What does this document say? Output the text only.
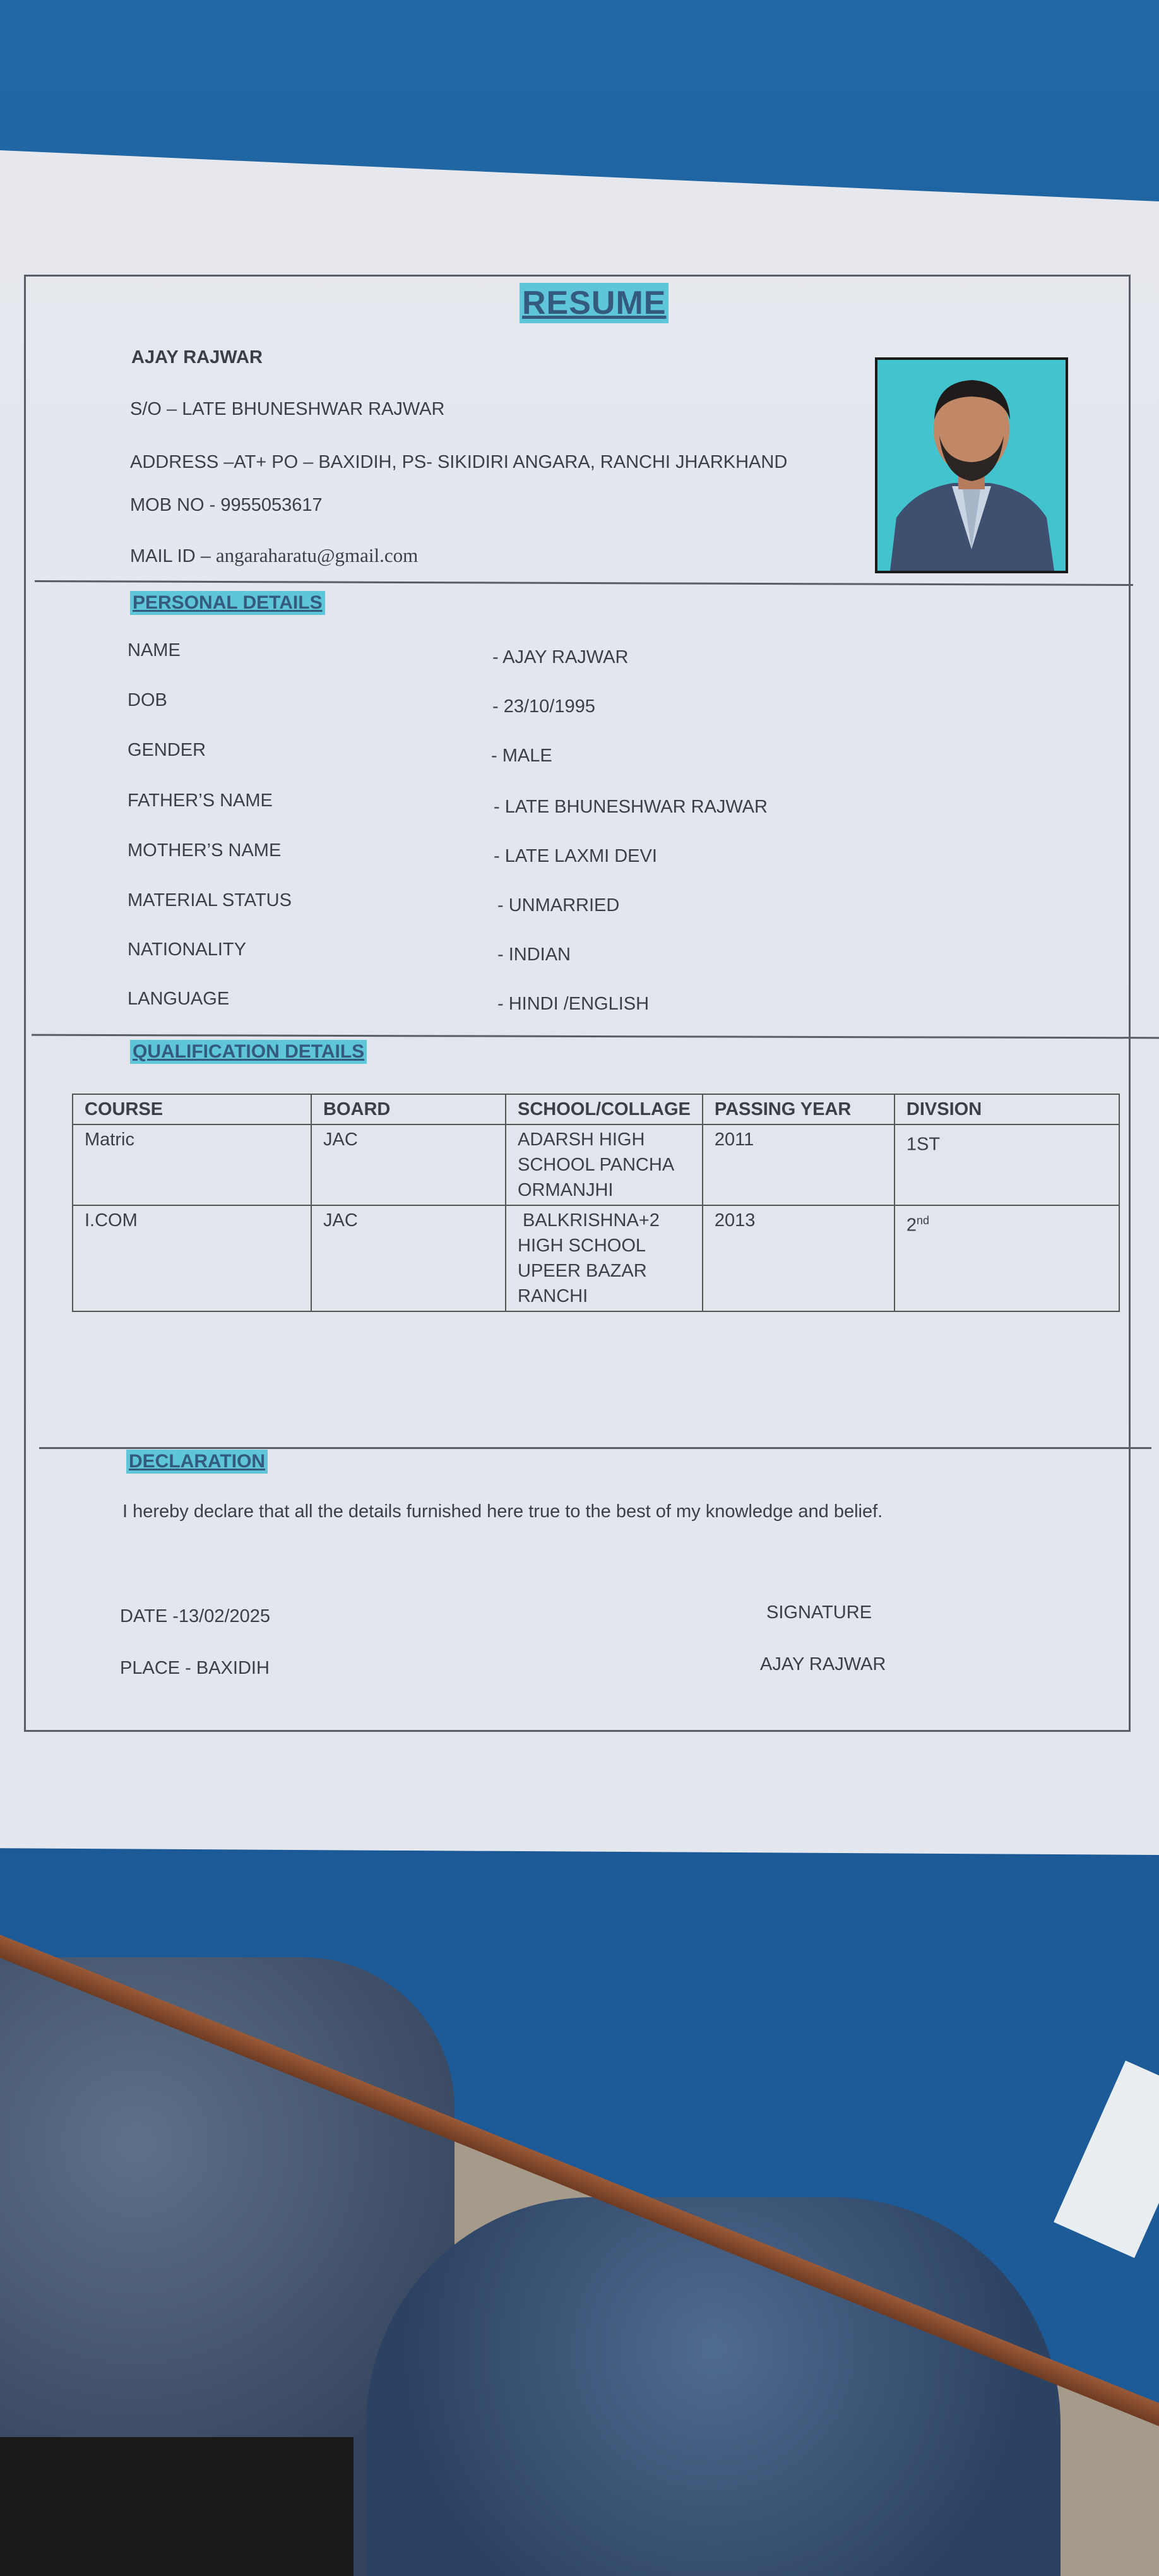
RESUME
AJAY RAJWAR
S/O – LATE BHUNESHWAR RAJWAR
ADDRESS –AT+ PO – BAXIDIH, PS- SIKIDIRI ANGARA, RANCHI JHARKHAND
MOB NO - 9955053617
MAIL ID – angaraharatu@gmail.com
PERSONAL DETAILS
NAME	- AJAY RAJWAR
DOB	- 23/10/1995
GENDER	- MALE
FATHER’S NAME	- LATE BHUNESHWAR RAJWAR
MOTHER’S NAME	- LATE LAXMI DEVI
MATERIAL STATUS	- UNMARRIED
NATIONALITY	- INDIAN
LANGUAGE	- HINDI /ENGLISH
QUALIFICATION DETAILS
COURSE	BOARD	SCHOOL/COLLAGE	PASSING YEAR	DIVSION
Matric	JAC	ADARSH HIGH
SCHOOL PANCHA
ORMANJHI	2011	1ST
I.COM	JAC	BALKRISHNA+2
HIGH SCHOOL
UPEER BAZAR
RANCHI	2013	2nd
DECLARATION
I hereby declare that all the details furnished here true to the best of my knowledge and belief.
DATE -13/02/2025
PLACE - BAXIDIH
SIGNATURE
AJAY RAJWAR
